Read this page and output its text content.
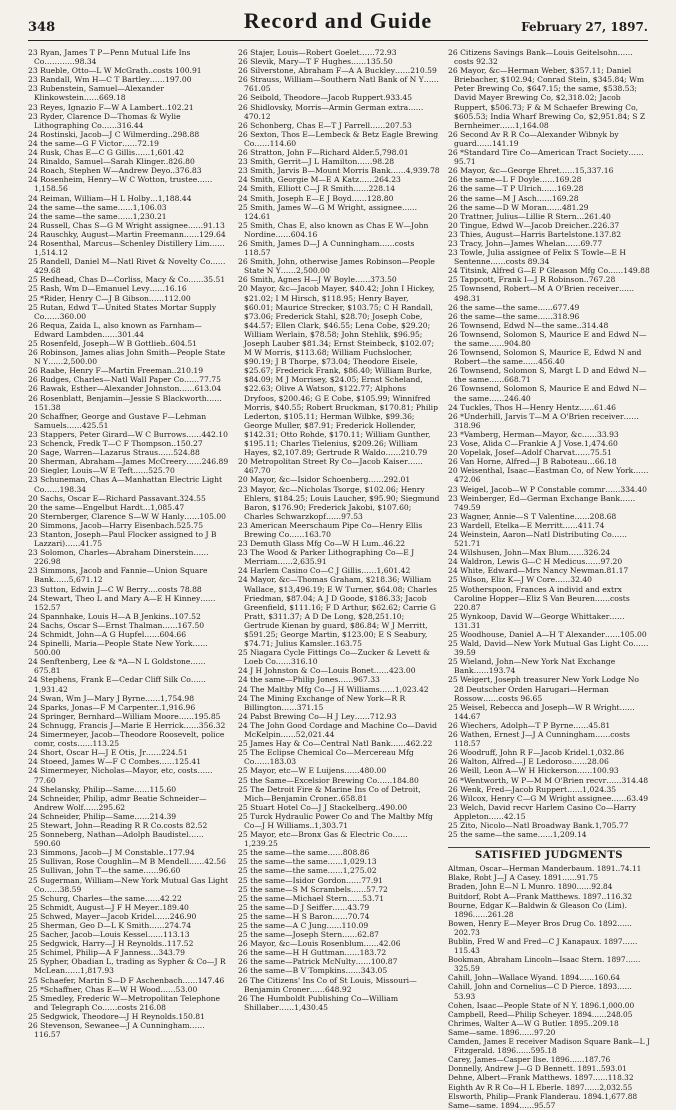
348	Record and Guide	February 27, 1897.

23 Ryan, James T P—Penn Mutual Life Ins Co…………98.34

23 Rueble, Otto—L W McGrath..costs 100.91

23 Randall, Wm H—C T Bartley……197.00

23 Rubenstein, Samuel—Alexander Klinkowstein……669.18

23 Reyes, Ignazio F—W A Lambert..102.21

23 Ryder, Clarence D—Thomas & Wylie Lithographing Co……316.44

24 Rostinski, Jacob—J C Wilmerding..298.88

24 the same—G F Victor……72.19

24 Rusk, Chas E—C G Gillis……1,601.42

24 Rinaldo, Samuel—Sarah Klinger..826.80

24 Roach, Stephen W—Andrew Deyo..376.83

24 Rosenheim, Henry—W C Wotton, trustee……1,158.56

24 Reiman, William—H L Holby…1,188.44

24 the same—the same……1,106.03

24 the same—the same……1,230.21

24 Russell, Chas S—G M Wright assignee……91.13

24 Rauschky, August—Martin Freemann……129.64

24 Rosenthal, Marcus—Schenley Distillery Lim……1,514.12

25 Randell, Daniel M—Natl Rivet & Novelty Co……429.68

25 Redhead, Chas D—Corliss, Macy & Co……35.51

25 Rash, Wm D—Emanuel Levy……16.16

25 *Rider, Henry C—J B Gibson……112.00

25 Rutan, Edwd T—United States Mortar Supply Co……360.00

26 Requa, Zaida L, also known as Farnham—Edward Lambden……301.44

25 Rosenfeld, Joseph—W B Gottlieb..604.51

26 Robinson, James alias John Smith—People State N Y……2,500.00

26 Raabe, Henry F—Martin Freeman..210.19

26 Rudges, Charles—Natl Wall Paper Co……77.75

26 Rawak, Esther—Alexander Johnston……613.04

26 Rosenblatt, Benjamin—Jessie S Blackworth……151.38

20 Schaffner, George and Gustave F—Lehman Samuels……425.51

23 Stappers, Peter Girard—W C Burrows……442.10

23 Schenck, Fredk T—C F Thompson..150.27

20 Sage, Warren—Lazarus Straus……524.88

20 Sherman, Abraham—James McCreery……246.89

20 Siegler, Louis—W E Teft……525.70

23 Schuneman, Chas A—Manhattan Electric Light Co……198.34

20 Sachs, Oscar E—Richard Passavant.324.55

20 the same—Engelbut Hardt…1,085.47

20 Sternberger, Clarence S—W W Hanly……105.00

20 Simmons, Jacob—Harry Eisenbach.525.75

23 Stanton, Joseph—Paul Flocker assigned to J B Lazzari)……41.75

23 Solomon, Charles—Abraham Dinerstein……226.98

23 Simmons, Jacob and Fannie—Union Square Bank……5,671.12

23 Sutton, Edwin J—C W Berry….costs 78.88

24 Stewart, Theo L and Mary A—E H Kinney……152.57

24 Spannhake, Louis H—A B Jenkins..107.52

24 Sachs, Oscar S—Ernst Thalman……167.50

24 Schmidt, John—A G Hupfel……604.66

24 Spinelli, Maria—People State New York……500.00

24 Senftenberg, Lee & *A—N L Goldstone……675.81

24 Stephens, Frank E—Cedar Cliff Silk Co……1,931.42

24 Swan, Wm J—Mary J Byrne……1,754.98

24 Sparks, Jonas—F M Carpenter..1,916.96

24 Springer, Bernhard—William Moore……195.85

24 Schnugg, Francis J—Marie E Herrick……356.32

24 Simermeyer, Jacob—Theodore Roosevelt, police comr, costs……113.25

24 Short, Oscar H—J E Otis, Jr……224.51

24 Stoeed, James W—F C Combes……125.41

24 Simermeyer, Nicholas—Mayor, etc, costs……77.60

24 Shelansky, Philip—Same……115.60

24 Schneider, Philip, admr Beatie Schneider—Andrew Wolf……295.62

24 Schneider, Philip—Same……214.39

25 Stewart, John—Reading R R Co.costs 82.52

25 Sonneberg, Nathan—Adolph Baudistel……590.60

23 Simmons, Jacob—J M Constable..177.94

25 Sullivan, Rose Coughlin—M B Mendell……42.56

25 Sullivan, John T—the same……96.60

25 Sugerman, William—New York Mutual Gas Light Co……38.59

25 Schurg, Charles—the same……42.22

25 Schmidt, August—J F H Meyer..189.40

25 Schwed, Mayer—Jacob Kridel……246.90

25 Sherman, Geo D—L K Smith……274.74

25 Sacher, Jacob—Louis Kessel……113.13

25 Sedgwick, Harry—J H Reynolds..117.52

25 Schimel, Philip—A F Janness…343.79

25 Sypher, Obadian L, trading as Sypher & Co—J R McLean……1,817.93

25 Schaefer, Martin S—D F Aschenbach……147.46

25 *Schaffner, Chas E—W H Wood……53.00

25 Smedley, Frederic W—Metropolitan Telephone and Telegraph Co……costs 216.08

25 Sedgwick, Theodore—J H Reynolds.150.81

26 Stevenson, Sewanee—J A Cunningham……116.57

26 Stajer, Louis—Robert Goelet……72.93

26 Slevik, Mary—T F Hughes……135.50

26 Silverstone, Abraham F—A A Buckley……210.59

26 Strauss, William—Southern Natl Bank of N Y……761.05

26 Seibold, Theodore—Jacob Ruppert.933.45

26 Shidlovsky, Morris—Armin German extra……470.12

26 Schonberg, Chas E—T J Farrell……207.53

26 Sexton, Thos E—Lembeck & Betz Eagle Brewing Co……114.60

26 Stratton, John F—Richard Alder.5,798.01

23 Smith, Gerrit—J L Hamilton……98.28

23 Smith, Jarvis B—Mount Morris Bank……4,939.78

24 Smith, Georgie M—E A Katz……264.23

24 Smith, Elliott C—J R Smith……228.14

24 Smith, Joseph E—E J Boyd……128.80

25 Smith, James W—G M Wright, assignee……124.61

25 Smith, Chas E, also known as Chas E W—John Nordine……604.16

26 Smith, James D—J A Cunningham……costs 118.57

26 Smith, John, otherwise James Robinson—People State N Y……2,500.00

26 Smith, Agnes H—J W Boyle……373.50

20 Mayor, &c—Jacob Mayer, $40.42; John I Hickey, $21.02; I M Hirsch, $118.95; Henry Bayer, $60.01; Maurice Strecker, $103.75; C H Randall, $73.06; Frederick Stahl, $28.70; Joseph Cobe, $44.57; Ellen Clark, $46.55; Lena Cobe, $29.20; William Werlain, $78.58; John Stehlik, $96.95; Joseph Lauber $81.34; Ernst Steinbeck, $102.07; M W Morris, $113.68; William Fuchslocher, $90.19; J B Thorpe, $73.04; Theodore Eisele, $25.67; Frederick Frank, $86.40; William Burke, $84.09; M J Morrisey, $24.05; Ernst Scheland, $22.63; Olive A Watson, $122.77; Alphons Dryfoos, $200.46; G E Cobe, $105.99; Winnifred Morris, $40.55; Robert Bruckman, $170.81; Philip Lederton, $105.11; Herman Wilbke, $99.36; George Muller, $87.91; Frederick Hollender, $142.31; Otto Rohde, $170.11; William Gunther, $195.11; Charles Tielenius, $209.26; William Hayes, $2,107.89; Gertrude R Waldo……210.79

20 Metropolitan Street Ry Co—Jacob Kaiser……467.70

20 Mayor, &c—Isidor Schoenberg……292.01

23 Mayor, &c—Nicholas Tsorge, $102.06; Henry Ehlers, $184.25; Louis Laucher, $95.90; Siegmund Baron, $176.90; Frederick Jakobi, $107.60; Charles Schwarzkopf……97.53

23 American Meerschaum Pipe Co—Henry Ellis Brewing Co……163.70

23 Demuth Glass Mfg Co—W H Lum..46.22

23 The Wood & Parker Lithographing Co—E J Merriam……2,635.91

24 Harlem Casino Co—C J Gillis……1,601.42

24 Mayor, &c—Thomas Graham, $218.36; William Wallace, $13,496.19; E W Turner, $64.08; Charles Friedman, $87.04; A J D Goode, $186.33; Jacob Greenfield, $111.16; F D Arthur, $62.62; Carrie G Pratt, $311.37; A D De Long, $28,251.10; Gertrude Kienan by guard, $86.84; W J Merritt, $591.25; George Martin, $123.00; E S Seabury, $74.71; Julius Kamsler..163.75

25 Niagara Cycle Fittings Co—Zucker & Levett & Loeb Co……316.10

24 J H Johnston & Co—Louis Bonet……423.00

24 the same—Philip Jones……967.33

24 The Maltby Mfg Co—J H Williams……1,023.42

24 The Mining Exchange of New York—R R Billington……371.15

24 Pabst Brewing Co—H J Ley……712.93

24 The John Good Cordage and Machine Co—David McKelpin……52,021.44

25 James Hay & Co—Central Natl Bank……462.22

25 The Eclipse Chemical Co—Mercereau Mfg Co……183.03

25 Mayor, etc—W E Luijens……480.00

25 the Same—Excelsior Brewing Co……184.80

25 The Detroit Fire & Marine Ins Co of Detroit, Mich—Benjamin Croner..658.81

25 Stuart Hotel Co—J J Stackelberg..490.00

25 Turck Hydraulic Power Co and The Maltby Mfg Co—J H Williams..1,303.71

25 Mayor, etc—Bronx Gas & Electric Co……1,239.25

25 the same—the same……808.86

25 the same—the same……1,029.13

25 the same—the same……1,275.02

25 the same—Isidor Gordon……77.91

25 the same—S M Scrambels……57.72

25 the same—Michael Stern……53.71

25 the same—D J Seiffer……43.79

25 the same—H S Baron……70.74

25 the same—A C Jung……110.09

25 the same—Joseph Stern……62.87

26 Mayor, &c—Louis Rosenblum……42.06

26 the same—H H Guttman……183.72

26 the same—Patrick McNulty……100.87

26 the same—B V Tompkins……343.05

26 The Citizens' Ins Co of St Louis, Missouri—Benjamin Croner……648.92

26 The Humboldt Publishing Co—William Shillaber……1,430.45

26 Citizens Savings Bank—Louis Geitelsohn……costs 92.32

26 Mayor, &c—Herman Weber, $357.11; Daniel Briebacher, $102.94; Conrad Stein, $345.84; Wm Peter Brewing Co, $647.15; the same, $538.53; David Mayer Brewing Co, $2,318.02; Jacob Ruppert, $506.73; F & M Schaefer Brewing Co, $605.53; India Wharf Brewing Co, $2,951.84; S Z Bernheimer……1,164.08

26 Second Av R R Co—Alexander Wibnyk by guard……141.19

26 *Standard Tire Co—American Tract Society……95.71

26 Mayor, &c—George Ehret……15,337.16

26 the same—L F Doyle……169.28

26 the same—T P Ulrich……169.28

26 the same—M J Asch……169.28

26 the same—D W Moran……481.29

20 Trattner, Julius—Lillie R Stern…261.40

20 Tingue, Edwd W—Jacob Dreicher..226.37

23 Thies, August—Harris Bartelstone.137.82

23 Tracy, John—James Whelan……69.77

23 Towle, Julia assignee of Felix S Towle—E H Sentenne……costs 89.34

24 Titsink, Alfred G—E P Gleason Mfg Co……149.88

25 Tappcott, Frank I—J R Robinson..767.28

25 Townsend, Robert—M A O'Brien receiver……498.31

26 the same—the same……677.49

26 the same—the same……318.96

26 Townsend, Edwd N—the same..314.48

26 Townsend, Solomon S, Maurice E and Edwd N—the same……904.80

26 Townsend, Solomon S, Maurice E, Edwd N and Robert—the same……456.40

26 Townsend, Solomon S, Margt L D and Edwd N—the same……668.71

26 Townsend, Solomon S, Maurice E and Edwd N—the same……246.40

24 Tuckles, Thos H—Henry Hentz……61.46

26 *Underhill, Jarvis T—M A O'Brien receiver……318.96

23 *Vamberg, Herman—Mayor, &c……33.93

23 Vose, Alida C—Frankie A J Vose.1,474.60

20 Vopelak, Josef—Adolf Charvat……75.51

26 Van Horne, Alfred—J B Raboteau…66.18

20 Weisenthal, Isaac—Eastman Co, of New York……472.06

23 Weigel, Jacob—W P Constable commr……334.40

23 Weinberger, Ed—German Exchange Bank……749.59

23 Wagner, Annie—S T Valentine……208.68

23 Wardell, Etelka—E Merritt……411.74

24 Weinstein, Aaron—Natl Distributing Co……521.71

24 Wilshusen, John—Max Blum……326.24

24 Waldron, Lewis G—C H Medicus……97.20

24 White, Edward—Mrs Nancy Newman.81.17

25 Wilson, Eliz K—J W Core……32.40

25 Wotherspoon, Frances A individ and extrx Caroline Hopper—Eliz S Van Beuren……costs 220.87

25 Wynkoop, David W—George Whittaker……131.31

25 Woodhouse, Daniel A—H T Alexander……105.00

25 Wald, David—New York Mutual Gas Light Co……39.59

25 Wieland, John—New York Nat Exchange Bank……193.74

25 Weigert, Joseph treasurer New York Lodge No 28 Deutscher Orden Harugari—Herman Rossow……costs 96.65

25 Weisel, Rebecca and Joseph—W R Wright……144.67

26 Wiechers, Adolph—T P Byrne……45.81

26 Wathen, Ernest J—J A Cunningham……costs 118.57

26 Woodruff, John R F—Jacob Kridel.1,032.86

26 Walton, Alfred—J E Ledoroso……28.06

26 Weill, Leon A—W H Hickerson……100.93

26 *Wentworth, W P—M M O'Brien recvr……314.48

26 Wenk, Fred—Jacob Ruppert……1,024.35

26 Wilcox, Henry C—G M Wright assignee……63.49

23 Welch, David recvr Harlem Casino Co—Harry Appleton……42.15

25 Zito, Nicolo—Natl Broadway Bank.1,705.77

25 the same—the same……1,209.14

SATISFIED JUDGMENTS

Altman, Oscar—Herman Manderbaum. 1891..74.11

Blake, Robt J—J A Casey. 1891……91.75

Braden, John E—N L Munro. 1890……92.84

Buitdorf, Robt A—Frank Matthews. 1897..116.32

Bourne, Edgar K—Baldwin & Gleason Co (Lim). 1896……261.28

Bowen, Henry E—Meyer Bros Drug Co. 1892……202.73

Bublin, Fred W and Fred—C J Kanapaux. 1897……115.43

Bookman, Abraham Lincoln—Isaac Stern. 1897……325.59

Cahill, John—Wallace Wyand. 1894……160.64

Cahill, John and Cornelius—C D Pierce. 1893……53.93

Cohen, Isaac—People State of N Y. 1896.1,000.00

Campbell, Reed—Philip Scheyer. 1894……248.05

Chrimes, Walter A—W G Butler. 1895..209.18

Same—same. 1896……97.20

Camden, James E receiver Madison Square Bank—L J Fitzgerald. 1896……595.18

Carey, James—Casper Ilse. 1896……187.76

Donnelly, Andrew J—G D Bennett. 1891..593.01

Dehne, Albert—Frank Matthews. 1897……118.32

Eighth Av R R Co—H L Eberle. 1897……2,032.55

Elsworth, Philip—Frank Flanderau. 1894.1,677.88

Same—same. 1894……95.57
